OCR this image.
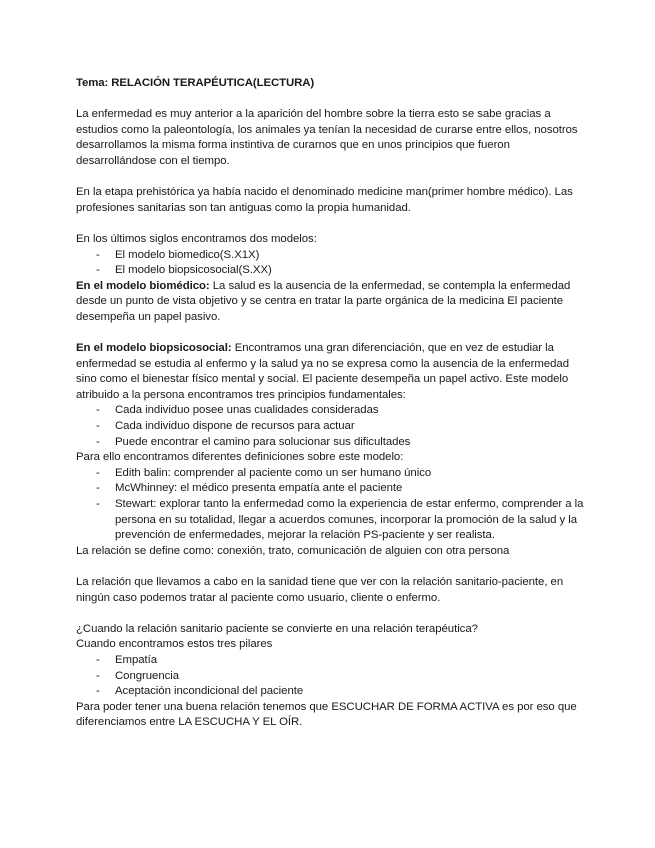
Tema: RELACIÓN TERAPÉUTICA(LECTURA)

La enfermedad es muy anterior a la aparición del hombre sobre la tierra esto se sabe gracias a estudios como la paleontología, los animales ya tenían la necesidad de curarse entre ellos, nosotros desarrollamos la misma forma instintiva de curarnos que en unos principios que fueron desarrollándose con el tiempo.

En la etapa prehistórica ya había nacido el denominado medicine man(primer hombre médico). Las profesiones sanitarias son tan antiguas como la propia humanidad.

En los últimos siglos encontramos dos modelos:

- El modelo biomedico(S.X1X)
- El modelo biopsicosocial(S.XX)

En el modelo biomédico: La salud es la ausencia de la enfermedad, se contempla la enfermedad desde un punto de vista objetivo y se centra en tratar la parte orgánica de la medicina El paciente desempeña un papel pasivo.

En el modelo biopsicosocial: Encontramos una gran diferenciación, que en vez de estudiar la enfermedad se estudia al enfermo y la salud ya no se expresa como la ausencia de la enfermedad sino como el bienestar físico mental y social. El paciente desempeña un papel activo. Este modelo atribuido a la persona encontramos tres principios fundamentales:

- Cada individuo posee unas cualidades consideradas
- Cada individuo dispone de recursos para actuar
- Puede encontrar el camino para solucionar sus dificultades

Para ello encontramos diferentes definiciones sobre este modelo:

- Edith balin: comprender al paciente como un ser humano único
- McWhinney: el médico presenta empatía ante el paciente
- Stewart: explorar tanto la enfermedad como la experiencia de estar enfermo, comprender a la persona en su totalidad, llegar a acuerdos comunes, incorporar la promoción de la salud y la prevención de enfermedades, mejorar la relación PS-paciente y ser realista.

La relación se define como: conexión, trato, comunicación de alguien con otra persona

La relación que llevamos a cabo en la sanidad tiene que ver con la relación sanitario-paciente, en ningún caso podemos tratar al paciente como usuario, cliente o enfermo.

¿Cuando la relación sanitario paciente se convierte en una relación terapéutica?

Cuando encontramos estos tres pilares

- Empatía
- Congruencia
- Aceptación incondicional del paciente

Para poder tener una buena relación tenemos que ESCUCHAR DE FORMA ACTIVA es por eso que diferenciamos entre LA ESCUCHA Y EL OÍR.
